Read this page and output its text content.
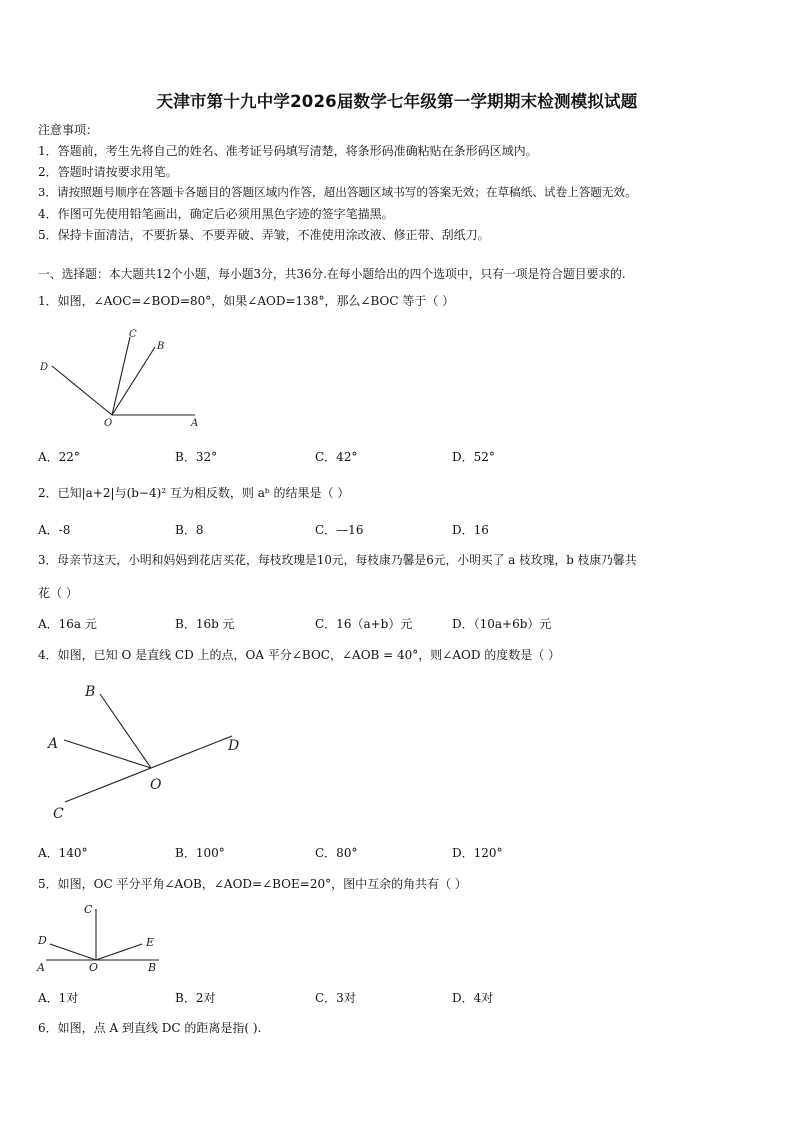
天津市第十九中学2026届数学七年级第一学期期末检测模拟试题
注意事项：
1．答题前，考生先将自己的姓名、准考证号码填写清楚，将条形码准确粘贴在条形码区域内。
2．答题时请按要求用笔。
3．请按照题号顺序在答题卡各题目的答题区域内作答，超出答题区域书写的答案无效；在草稿纸、试卷上答题无效。
4．作图可先使用铅笔画出，确定后必须用黑色字迹的签字笔描黑。
5．保持卡面清洁，不要折暴、不要弄破、弄皱，不准使用涂改液、修正带、刮纸刀。
一、选择题：本大题共12个小题，每小题3分，共36分.在每小题给出的四个选项中，只有一项是符合题目要求的.
1．如图，∠AOC=∠BOD=80°，如果∠AOD=138°，那么∠BOC 等于（ ）
C
B
D
O	A
A．22°	B．32°	C．42°	D．52°
2．已知|a+2|与(b−4)² 互为相反数，则 aᵇ 的结果是（ ）
A．-8	B．8	C．—16	D．16
3．母亲节这天，小明和妈妈到花店买花，每枝玫瑰是10元，每枝康乃馨是6元，小明买了 a 枝玫瑰，b 枝康乃馨共
花（ ）
A．16a 元	B．16b 元	C．16（a+b）元	D．（10a+6b）元
4．如图，已知 O 是直线 CD 上的点，OA 平分∠BOC，∠AOB = 40°，则∠AOD 的度数是（ ）
B
A	D
O
C
A．140°	B．100°	C．80°	D．120°
5．如图，OC 平分平角∠AOB，∠AOD=∠BOE=20°，图中互余的角共有（ ）
C
D	E
A	O	B
A．1对	B．2对	C．3对	D．4对
6．如图，点 A 到直线 DC 的距离是指( ).
